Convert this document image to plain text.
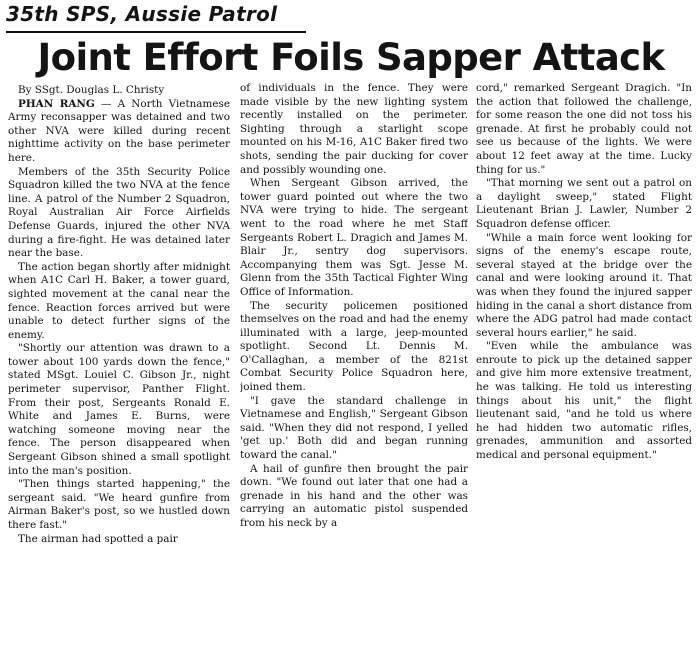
35th SPS, Aussie Patrol
Joint Effort Foils Sapper Attack

By SSgt. Douglas L. Christy

PHAN RANG — A North Vietnamese Army reconsapper was detained and two other NVA were killed during recent nighttime activity on the base perimeter here.

Members of the 35th Security Police Squadron killed the two NVA at the fence line. A patrol of the Number 2 Squadron, Royal Australian Air Force Airfields Defense Guards, injured the other NVA during a fire-fight. He was detained later near the base.

The action began shortly after midnight when A1C Carl H. Baker, a tower guard, sighted movement at the canal near the fence. Reaction forces arrived but were unable to detect further signs of the enemy.

"Shortly our attention was drawn to a tower about 100 yards down the fence," stated MSgt. Louiel C. Gibson Jr., night perimeter supervisor, Panther Flight. From their post, Sergeants Ronald E. White and James E. Burns, were watching someone moving near the fence. The person disappeared when Sergeant Gibson shined a small spotlight into the man's position.

"Then things started happening," the sergeant said. "We heard gunfire from Airman Baker's post, so we hustled down there fast."

The airman had spotted a pair

of individuals in the fence. They were made visible by the new lighting system recently installed on the perimeter. Sighting through a starlight scope mounted on his M-16, A1C Baker fired two shots, sending the pair ducking for cover and possibly wounding one.

When Sergeant Gibson arrived, the tower guard pointed out where the two NVA were trying to hide. The sergeant went to the road where he met Staff Sergeants Robert L. Dragich and James M. Blair Jr., sentry dog supervisors. Accompanying them was Sgt. Jesse M. Glenn from the 35th Tactical Fighter Wing Office of Information.

The security policemen positioned themselves on the road and had the enemy illuminated with a large, jeep-mounted spotlight. Second Lt. Dennis M. O'Callaghan, a member of the 821st Combat Security Police Squadron here, joined them.

"I gave the standard challenge in Vietnamese and English," Sergeant Gibson said. "When they did not respond, I yelled 'get up.' Both did and began running toward the canal."

A hail of gunfire then brought the pair down. "We found out later that one had a grenade in his hand and the other was carrying an automatic pistol suspended from his neck by a

cord," remarked Sergeant Dragich. "In the action that followed the challenge, for some reason the one did not toss his grenade. At first he probably could not see us because of the lights. We were about 12 feet away at the time. Lucky thing for us."

"That morning we sent out a patrol on a daylight sweep," stated Flight Lieutenant Brian J. Lawler, Number 2 Squadron defense officer.

"While a main force went looking for signs of the enemy's escape route, several stayed at the bridge over the canal and were looking around it. That was when they found the injured sapper hiding in the canal a short distance from where the ADG patrol had made contact several hours earlier," he said.

"Even while the ambulance was enroute to pick up the detained sapper and give him more extensive treatment, he was talking. He told us interesting things about his unit," the flight lieutenant said, "and he told us where he had hidden two automatic rifles, grenades, ammunition and assorted medical and personal equipment."
